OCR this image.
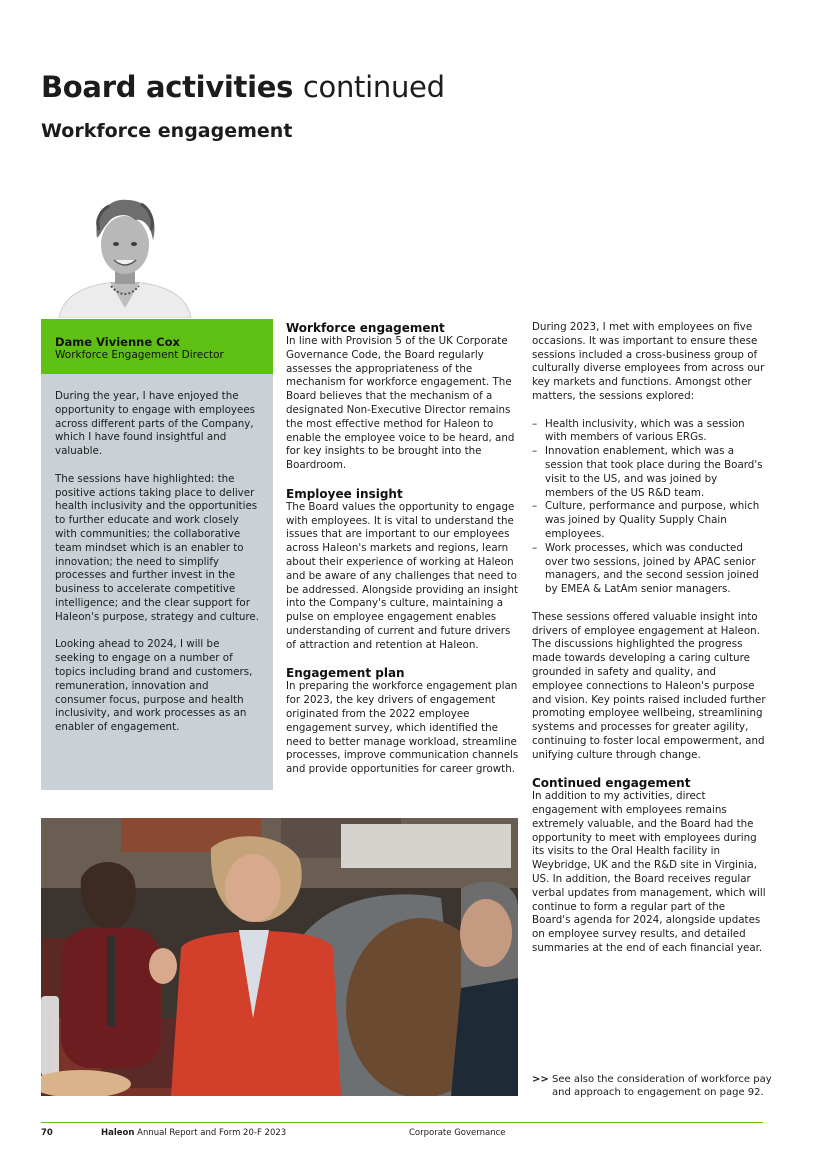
Board activities continued
Workforce engagement
Dame Vivienne Cox
Workforce Engagement Director

During the year, I have enjoyed the opportunity to engage with employees across different parts of the Company, which I have found insightful and valuable.

The sessions have highlighted: the positive actions taking place to deliver health inclusivity and the opportunities to further educate and work closely with communities; the collaborative team mindset which is an enabler to innovation; the need to simplify processes and further invest in the business to accelerate competitive intelligence; and the clear support for Haleon's purpose, strategy and culture.

Looking ahead to 2024, I will be seeking to engage on a number of topics including brand and customers, remuneration, innovation and consumer focus, purpose and health inclusivity, and work processes as an enabler of engagement.

Workforce engagement

In line with Provision 5 of the UK Corporate Governance Code, the Board regularly assesses the appropriateness of the mechanism for workforce engagement. The Board believes that the mechanism of a designated Non-Executive Director remains the most effective method for Haleon to enable the employee voice to be heard, and for key insights to be brought into the Boardroom.

Employee insight

The Board values the opportunity to engage with employees. It is vital to understand the issues that are important to our employees across Haleon's markets and regions, learn about their experience of working at Haleon and be aware of any challenges that need to be addressed. Alongside providing an insight into the Company's culture, maintaining a pulse on employee engagement enables understanding of current and future drivers of attraction and retention at Haleon.

Engagement plan

In preparing the workforce engagement plan for 2023, the key drivers of engagement originated from the 2022 employee engagement survey, which identified the need to better manage workload, streamline processes, improve communication channels and provide opportunities for career growth.

During 2023, I met with employees on five occasions. It was important to ensure these sessions included a cross-business group of culturally diverse employees from across our key markets and functions. Amongst other matters, the sessions explored:

– Health inclusivity, which was a session with members of various ERGs.
– Innovation enablement, which was a session that took place during the Board's visit to the US, and was joined by members of the US R&D team.
– Culture, performance and purpose, which was joined by Quality Supply Chain employees.
– Work processes, which was conducted over two sessions, joined by APAC senior managers, and the second session joined by EMEA & LatAm senior managers.

These sessions offered valuable insight into drivers of employee engagement at Haleon. The discussions highlighted the progress made towards developing a caring culture grounded in safety and quality, and employee connections to Haleon's purpose and vision. Key points raised included further promoting employee wellbeing, streamlining systems and processes for greater agility, continuing to foster local empowerment, and unifying culture through change.

Continued engagement

In addition to my activities, direct engagement with employees remains extremely valuable, and the Board had the opportunity to meet with employees during its visits to the Oral Health facility in Weybridge, UK and the R&D site in Virginia, US. In addition, the Board receives regular verbal updates from management, which will continue to form a regular part of the Board's agenda for 2024, alongside updates on employee survey results, and detailed summaries at the end of each financial year.

>> See also the consideration of workforce pay and approach to engagement on page 92.
70	Haleon Annual Report and Form 20-F 2023	Corporate Governance
